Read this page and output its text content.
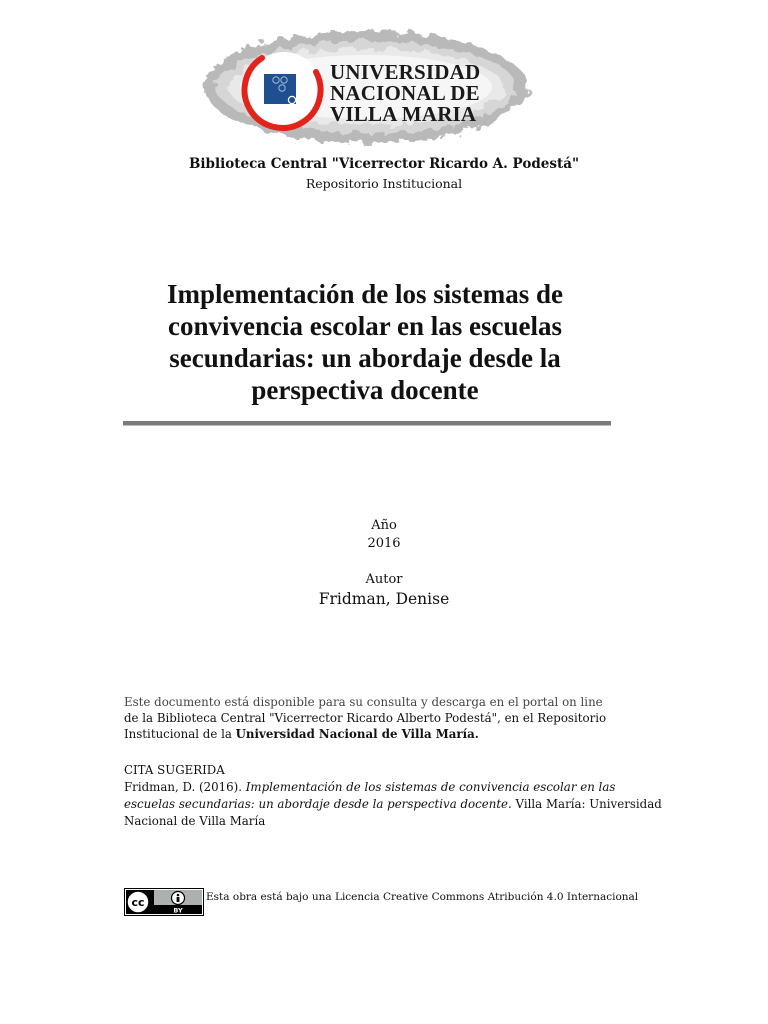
UNIVERSIDAD
NACIONAL DE
VILLA MARIA
Biblioteca Central "Vicerrector Ricardo A. Podestá"
Repositorio Institucional
Implementación de los sistemas de convivencia escolar en las escuelas secundarias: un abordaje desde la perspectiva docente
Año
2016
Autor
Fridman, Denise
Este documento está disponible para su consulta y descarga en el portal on line
de la Biblioteca Central "Vicerrector Ricardo Alberto Podestá", en el Repositorio
Institucional de la Universidad Nacional de Villa María.
CITA SUGERIDA
Fridman, D. (2016). Implementación de los sistemas de convivencia escolar en las escuelas secundarias: un abordaje desde la perspectiva docente. Villa María: Universidad Nacional de Villa María
cc
BY
Esta obra está bajo una Licencia Creative Commons Atribución 4.0 Internacional
